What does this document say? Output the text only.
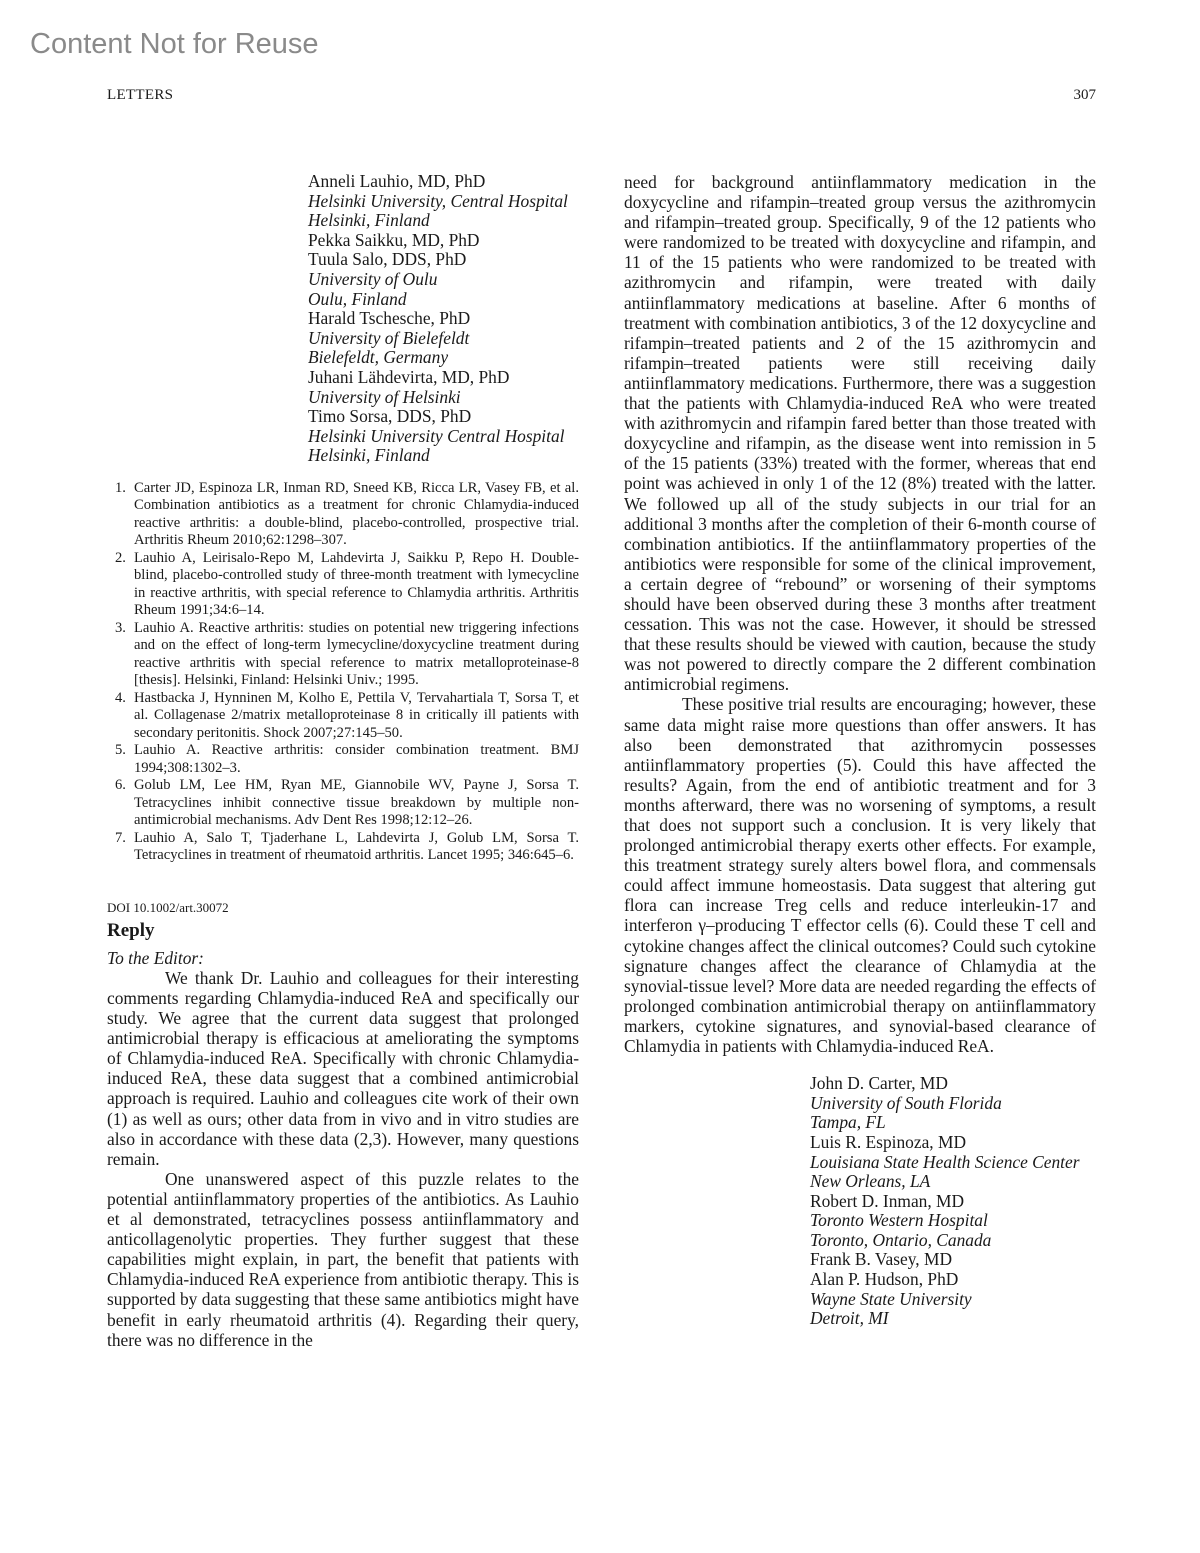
Content Not for Reuse
LETTERS	307
Anneli Lauhio, MD, PhD
Helsinki University, Central Hospital
Helsinki, Finland
Pekka Saikku, MD, PhD
Tuula Salo, DDS, PhD
University of Oulu
Oulu, Finland
Harald Tschesche, PhD
University of Bielefeldt
Bielefeldt, Germany
Juhani Lähdevirta, MD, PhD
University of Helsinki
Timo Sorsa, DDS, PhD
Helsinki University Central Hospital
Helsinki, Finland
1. Carter JD, Espinoza LR, Inman RD, Sneed KB, Ricca LR, Vasey FB, et al. Combination antibiotics as a treatment for chronic Chlamydia-induced reactive arthritis: a double-blind, placebo-controlled, prospective trial. Arthritis Rheum 2010;62:1298–307.
2. Lauhio A, Leirisalo-Repo M, Lahdevirta J, Saikku P, Repo H. Double-blind, placebo-controlled study of three-month treatment with lymecycline in reactive arthritis, with special reference to Chlamydia arthritis. Arthritis Rheum 1991;34:6–14.
3. Lauhio A. Reactive arthritis: studies on potential new triggering infections and on the effect of long-term lymecycline/doxycycline treatment during reactive arthritis with special reference to matrix metalloproteinase-8 [thesis]. Helsinki, Finland: Helsinki Univ.; 1995.
4. Hastbacka J, Hynninen M, Kolho E, Pettila V, Tervahartiala T, Sorsa T, et al. Collagenase 2/matrix metalloproteinase 8 in critically ill patients with secondary peritonitis. Shock 2007;27:145–50.
5. Lauhio A. Reactive arthritis: consider combination treatment. BMJ 1994;308:1302–3.
6. Golub LM, Lee HM, Ryan ME, Giannobile WV, Payne J, Sorsa T. Tetracyclines inhibit connective tissue breakdown by multiple non-antimicrobial mechanisms. Adv Dent Res 1998;12:12–26.
7. Lauhio A, Salo T, Tjaderhane L, Lahdevirta J, Golub LM, Sorsa T. Tetracyclines in treatment of rheumatoid arthritis. Lancet 1995; 346:645–6.
DOI 10.1002/art.30072
Reply
To the Editor:

We thank Dr. Lauhio and colleagues for their interesting comments regarding Chlamydia-induced ReA and specifically our study. We agree that the current data suggest that prolonged antimicrobial therapy is efficacious at ameliorating the symptoms of Chlamydia-induced ReA. Specifically with chronic Chlamydia-induced ReA, these data suggest that a combined antimicrobial approach is required. Lauhio and colleagues cite work of their own (1) as well as ours; other data from in vivo and in vitro studies are also in accordance with these data (2,3). However, many questions remain.

One unanswered aspect of this puzzle relates to the potential antiinflammatory properties of the antibiotics. As Lauhio et al demonstrated, tetracyclines possess antiinflammatory and anticollagenolytic properties. They further suggest that these capabilities might explain, in part, the benefit that patients with Chlamydia-induced ReA experience from antibiotic therapy. This is supported by data suggesting that these same antibiotics might have benefit in early rheumatoid arthritis (4). Regarding their query, there was no difference in the

need for background antiinflammatory medication in the doxycycline and rifampin–treated group versus the azithromycin and rifampin–treated group. Specifically, 9 of the 12 patients who were randomized to be treated with doxycycline and rifampin, and 11 of the 15 patients who were randomized to be treated with azithromycin and rifampin, were treated with daily antiinflammatory medications at baseline. After 6 months of treatment with combination antibiotics, 3 of the 12 doxycycline and rifampin–treated patients and 2 of the 15 azithromycin and rifampin–treated patients were still receiving daily antiinflammatory medications. Furthermore, there was a suggestion that the patients with Chlamydia-induced ReA who were treated with azithromycin and rifampin fared better than those treated with doxycycline and rifampin, as the disease went into remission in 5 of the 15 patients (33%) treated with the former, whereas that end point was achieved in only 1 of the 12 (8%) treated with the latter. We followed up all of the study subjects in our trial for an additional 3 months after the completion of their 6-month course of combination antibiotics. If the antiinflammatory properties of the antibiotics were responsible for some of the clinical improvement, a certain degree of “rebound” or worsening of their symptoms should have been observed during these 3 months after treatment cessation. This was not the case. However, it should be stressed that these results should be viewed with caution, because the study was not powered to directly compare the 2 different combination antimicrobial regimens.

These positive trial results are encouraging; however, these same data might raise more questions than offer answers. It has also been demonstrated that azithromycin possesses antiinflammatory properties (5). Could this have affected the results? Again, from the end of antibiotic treatment and for 3 months afterward, there was no worsening of symptoms, a result that does not support such a conclusion. It is very likely that prolonged antimicrobial therapy exerts other effects. For example, this treatment strategy surely alters bowel flora, and commensals could affect immune homeostasis. Data suggest that altering gut flora can increase Treg cells and reduce interleukin-17 and interferon γ–producing T effector cells (6). Could these T cell and cytokine changes affect the clinical outcomes? Could such cytokine signature changes affect the clearance of Chlamydia at the synovial-tissue level? More data are needed regarding the effects of prolonged combination antimicrobial therapy on antiinflammatory markers, cytokine signatures, and synovial-based clearance of Chlamydia in patients with Chlamydia-induced ReA.

John D. Carter, MD
University of South Florida
Tampa, FL
Luis R. Espinoza, MD
Louisiana State Health Science Center
New Orleans, LA
Robert D. Inman, MD
Toronto Western Hospital
Toronto, Ontario, Canada
Frank B. Vasey, MD
Alan P. Hudson, PhD
Wayne State University
Detroit, MI
